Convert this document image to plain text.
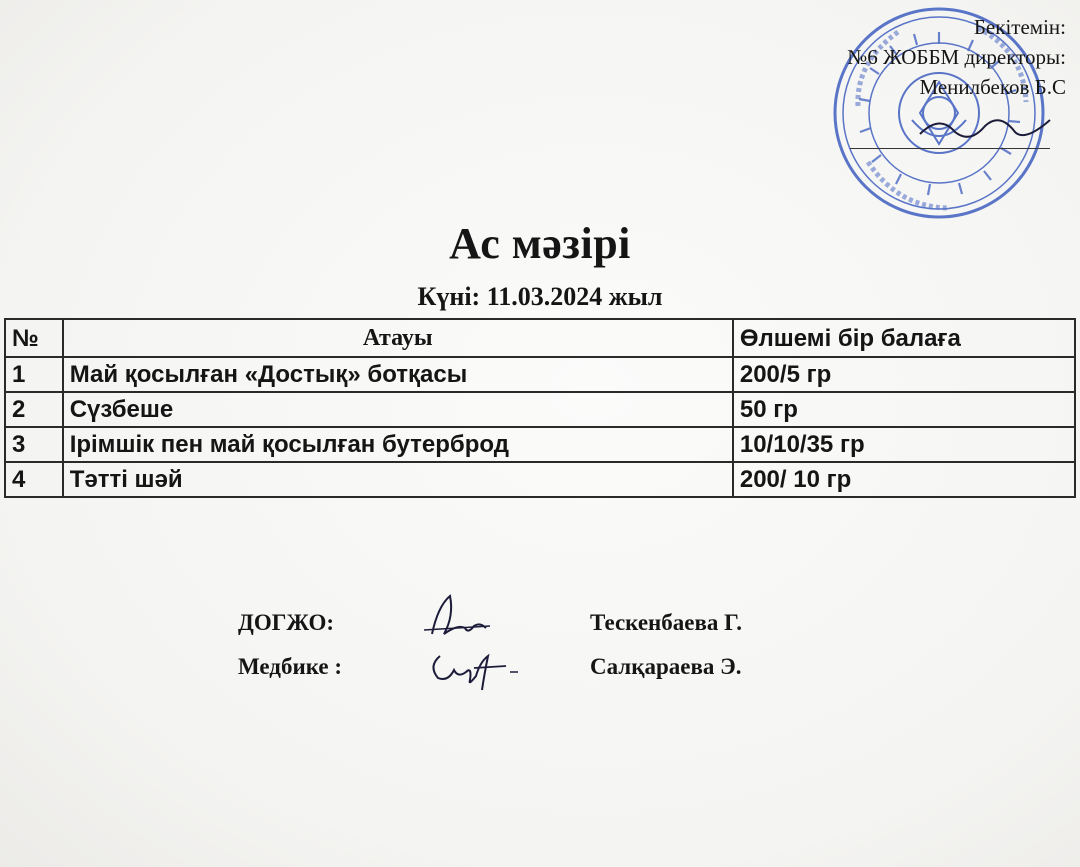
Бекітемін:
№6 ЖОББМ директоры:
Менилбеков Б.С
Ас мәзірі
Күні: 11.03.2024 жыл
№	Атауы	Өлшемі бір балаға
1	Май қосылған «Достық» ботқасы	200/5 гр
2	Сүзбеше	50 гр
3	Ірімшік пен май қосылған бутерброд	10/10/35 гр
4	Тәтті шәй	200/ 10 гр
ДОГЖО:	Тескенбаева Г.
Медбике :	Салқараева Э.
